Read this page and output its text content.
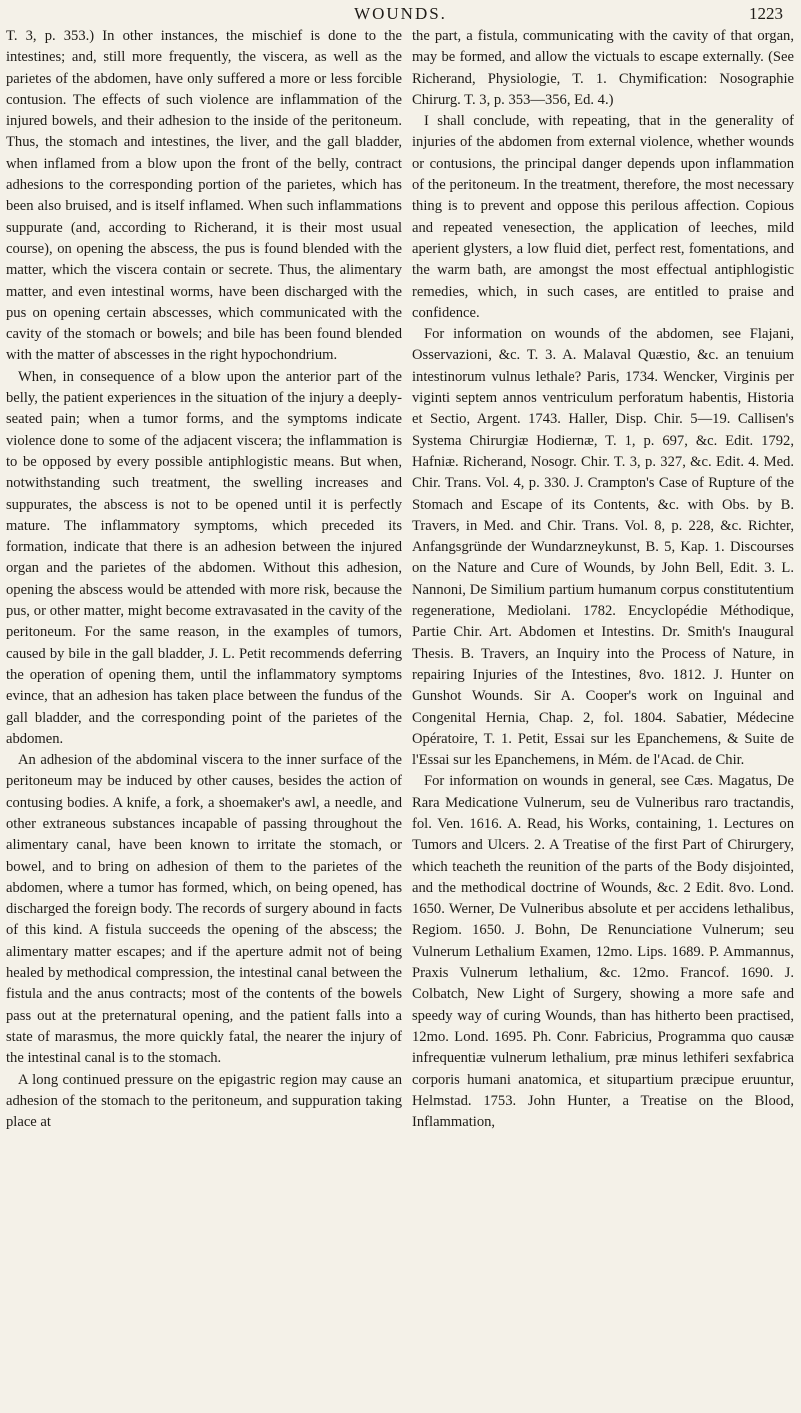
WOUNDS.	1223

T. 3, p. 353.) In other instances, the mischief is done to the intestines; and, still more frequently, the viscera, as well as the parietes of the abdomen, have only suffered a more or less forcible contusion. The effects of such violence are inflammation of the injured bowels, and their adhesion to the inside of the peritoneum. Thus, the stomach and intestines, the liver, and the gall bladder, when inflamed from a blow upon the front of the belly, contract adhesions to the corresponding portion of the parietes, which has been also bruised, and is itself inflamed. When such inflammations suppurate (and, according to Richerand, it is their most usual course), on opening the abscess, the pus is found blended with the matter, which the viscera contain or secrete. Thus, the alimentary matter, and even intestinal worms, have been discharged with the pus on opening certain abscesses, which communicated with the cavity of the stomach or bowels; and bile has been found blended with the matter of abscesses in the right hypochondrium.

When, in consequence of a blow upon the anterior part of the belly, the patient experiences in the situation of the injury a deeply-seated pain; when a tumor forms, and the symptoms indicate violence done to some of the adjacent viscera; the inflammation is to be opposed by every possible antiphlogistic means. But when, notwithstanding such treatment, the swelling increases and suppurates, the abscess is not to be opened until it is perfectly mature. The inflammatory symptoms, which preceded its formation, indicate that there is an adhesion between the injured organ and the parietes of the abdomen. Without this adhesion, opening the abscess would be attended with more risk, because the pus, or other matter, might become extravasated in the cavity of the peritoneum. For the same reason, in the examples of tumors, caused by bile in the gall bladder, J. L. Petit recommends deferring the operation of opening them, until the inflammatory symptoms evince, that an adhesion has taken place between the fundus of the gall bladder, and the corresponding point of the parietes of the abdomen.

An adhesion of the abdominal viscera to the inner surface of the peritoneum may be induced by other causes, besides the action of contusing bodies. A knife, a fork, a shoemaker's awl, a needle, and other extraneous substances incapable of passing throughout the alimentary canal, have been known to irritate the stomach, or bowel, and to bring on adhesion of them to the parietes of the abdomen, where a tumor has formed, which, on being opened, has discharged the foreign body. The records of surgery abound in facts of this kind. A fistula succeeds the opening of the abscess; the alimentary matter escapes; and if the aperture admit not of being healed by methodical compression, the intestinal canal between the fistula and the anus contracts; most of the contents of the bowels pass out at the preternatural opening, and the patient falls into a state of marasmus, the more quickly fatal, the nearer the injury of the intestinal canal is to the stomach.

A long continued pressure on the epigastric region may cause an adhesion of the stomach to the peritoneum, and suppuration taking place at

the part, a fistula, communicating with the cavity of that organ, may be formed, and allow the victuals to escape externally. (See Richerand, Physiologie, T. 1. Chymification: Nosographie Chirurg. T. 3, p. 353—356, Ed. 4.)

I shall conclude, with repeating, that in the generality of injuries of the abdomen from external violence, whether wounds or contusions, the principal danger depends upon inflammation of the peritoneum. In the treatment, therefore, the most necessary thing is to prevent and oppose this perilous affection. Copious and repeated venesection, the application of leeches, mild aperient glysters, a low fluid diet, perfect rest, fomentations, and the warm bath, are amongst the most effectual antiphlogistic remedies, which, in such cases, are entitled to praise and confidence.

For information on wounds of the abdomen, see Flajani, Osservazioni, &c. T. 3. A. Malaval Quæstio, &c. an tenuium intestinorum vulnus lethale? Paris, 1734. Wencker, Virginis per viginti septem annos ventriculum perforatum habentis, Historia et Sectio, Argent. 1743. Haller, Disp. Chir. 5—19. Callisen's Systema Chirurgiæ Hodiernæ, T. 1, p. 697, &c. Edit. 1792, Hafniæ. Richerand, Nosogr. Chir. T. 3, p. 327, &c. Edit. 4. Med. Chir. Trans. Vol. 4, p. 330. J. Crampton's Case of Rupture of the Stomach and Escape of its Contents, &c. with Obs. by B. Travers, in Med. and Chir. Trans. Vol. 8, p. 228, &c. Richter, Anfangsgründe der Wundarzneykunst, B. 5, Kap. 1. Discourses on the Nature and Cure of Wounds, by John Bell, Edit. 3. L. Nannoni, De Similium partium humanum corpus constitutentium regeneratione, Mediolani. 1782. Encyclopédie Méthodique, Partie Chir. Art. Abdomen et Intestins. Dr. Smith's Inaugural Thesis. B. Travers, an Inquiry into the Process of Nature, in repairing Injuries of the Intestines, 8vo. 1812. J. Hunter on Gunshot Wounds. Sir A. Cooper's work on Inguinal and Congenital Hernia, Chap. 2, fol. 1804. Sabatier, Médecine Opératoire, T. 1. Petit, Essai sur les Epanchemens, & Suite de l'Essai sur les Epanchemens, in Mém. de l'Acad. de Chir.

For information on wounds in general, see Cæs. Magatus, De Rara Medicatione Vulnerum, seu de Vulneribus raro tractandis, fol. Ven. 1616. A. Read, his Works, containing, 1. Lectures on Tumors and Ulcers. 2. A Treatise of the first Part of Chirurgery, which teacheth the reunition of the parts of the Body disjointed, and the methodical doctrine of Wounds, &c. 2 Edit. 8vo. Lond. 1650. Werner, De Vulneribus absolute et per accidens lethalibus, Regiom. 1650. J. Bohn, De Renunciatione Vulnerum; seu Vulnerum Lethalium Examen, 12mo. Lips. 1689. P. Ammannus, Praxis Vulnerum lethalium, &c. 12mo. Francof. 1690. J. Colbatch, New Light of Surgery, showing a more safe and speedy way of curing Wounds, than has hitherto been practised, 12mo. Lond. 1695. Ph. Conr. Fabricius, Programma quo causæ infrequentiæ vulnerum lethalium, præ minus lethiferi sexfabrica corporis humani anatomica, et situpartium præcipue eruuntur, Helmstad. 1753. John Hunter, a Treatise on the Blood, Inflammation,
